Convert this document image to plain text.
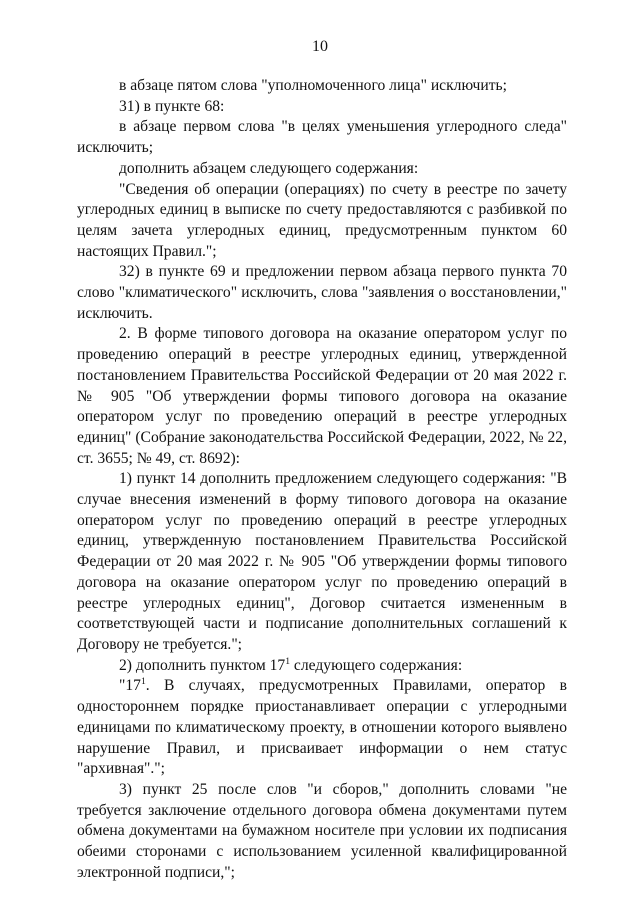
10

в абзаце пятом слова "уполномоченного лица" исключить;

31) в пункте 68:

в абзаце первом слова "в целях уменьшения углеродного следа" исключить;

дополнить абзацем следующего содержания:

"Сведения об операции (операциях) по счету в реестре по зачету углеродных единиц в выписке по счету предоставляются с разбивкой по целям зачета углеродных единиц, предусмотренным пунктом 60 настоящих Правил.";

32) в пункте 69 и предложении первом абзаца первого пункта 70 слово "климатического" исключить, слова "заявления о восстановлении," исключить.

2. В форме типового договора на оказание оператором услуг по проведению операций в реестре углеродных единиц, утвержденной постановлением Правительства Российской Федерации от 20 мая 2022 г. № 905 "Об утверждении формы типового договора на оказание оператором услуг по проведению операций в реестре углеродных единиц" (Собрание законодательства Российской Федерации, 2022, № 22, ст. 3655; № 49, ст. 8692):

1) пункт 14 дополнить предложением следующего содержания: "В случае внесения изменений в форму типового договора на оказание оператором услуг по проведению операций в реестре углеродных единиц, утвержденную постановлением Правительства Российской Федерации от 20 мая 2022 г. № 905 "Об утверждении формы типового договора на оказание оператором услуг по проведению операций в реестре углеродных единиц", Договор считается измененным в соответствующей части и подписание дополнительных соглашений к Договору не требуется.";

2) дополнить пунктом $17^1$ следующего содержания:

"$17^1$. В случаях, предусмотренных Правилами, оператор в одностороннем порядке приостанавливает операции с углеродными единицами по климатическому проекту, в отношении которого выявлено нарушение Правил, и присваивает информации о нем статус "архивная".";

3) пункт 25 после слов "и сборов," дополнить словами "не требуется заключение отдельного договора обмена документами путем обмена документами на бумажном носителе при условии их подписания обеими сторонами с использованием усиленной квалифицированной электронной подписи,";
